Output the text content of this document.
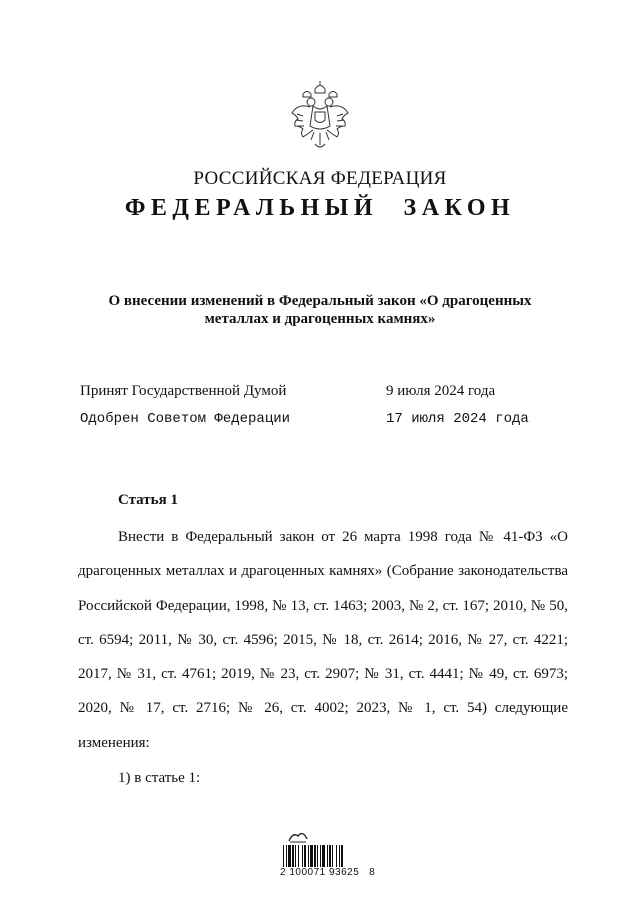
РОССИЙСКАЯ ФЕДЕРАЦИЯ
ФЕДЕРАЛЬНЫЙ ЗАКОН
О внесении изменений в Федеральный закон «О драгоценных
металлах и драгоценных камнях»
Принят Государственной Думой	9 июля 2024 года
Одобрен Советом Федерации	17 июля 2024 года
Статья 1

Внести в Федеральный закон от 26 марта 1998 года № 41-ФЗ «О драгоценных металлах и драгоценных камнях» (Собрание законодательства Российской Федерации, 1998, № 13, ст. 1463; 2003, № 2, ст. 167; 2010, № 50, ст. 6594; 2011, № 30, ст. 4596; 2015, № 18, ст. 2614; 2016, № 27, ст. 4221; 2017, № 31, ст. 4761; 2019, № 23, ст. 2907; № 31, ст. 4441; № 49, ст. 6973; 2020, № 17, ст. 2716; № 26, ст. 4002; 2023, № 1, ст. 54) следующие изменения:

1) в статье 1:
2 100071 93625   8
